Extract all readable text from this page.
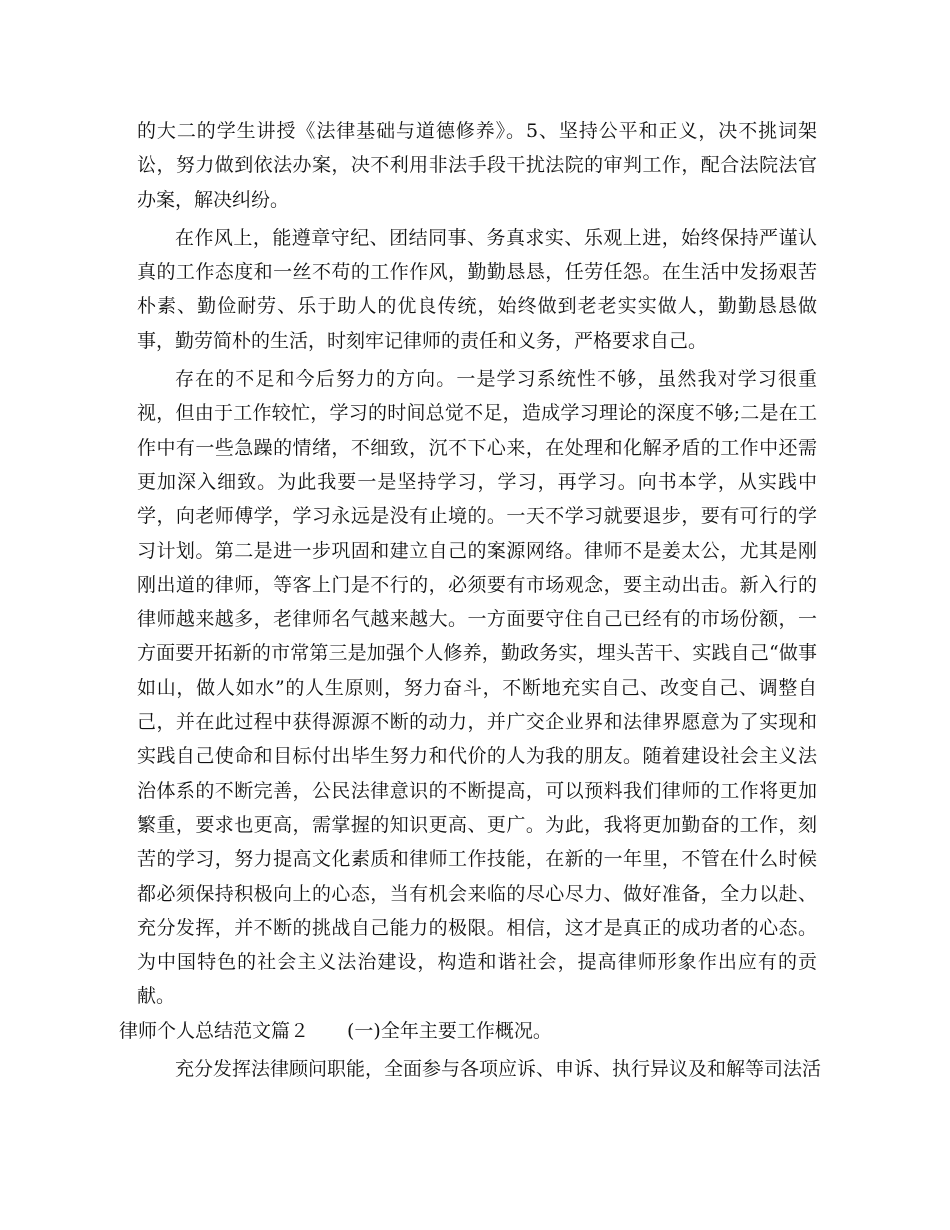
的大二的学生讲授《法律基础与道德修养》。5、坚持公平和正义，决不挑词架讼，努力做到依法办案，决不利用非法手段干扰法院的审判工作，配合法院法官办案，解决纠纷。

在作风上，能遵章守纪、团结同事、务真求实、乐观上进，始终保持严谨认真的工作态度和一丝不苟的工作作风，勤勤恳恳，任劳任怨。在生活中发扬艰苦朴素、勤俭耐劳、乐于助人的优良传统，始终做到老老实实做人，勤勤恳恳做事，勤劳简朴的生活，时刻牢记律师的责任和义务，严格要求自己。

存在的不足和今后努力的方向。一是学习系统性不够，虽然我对学习很重视，但由于工作较忙，学习的时间总觉不足，造成学习理论的深度不够;二是在工作中有一些急躁的情绪，不细致，沉不下心来，在处理和化解矛盾的工作中还需更加深入细致。为此我要一是坚持学习，学习，再学习。向书本学，从实践中学，向老师傅学，学习永远是没有止境的。一天不学习就要退步，要有可行的学习计划。第二是进一步巩固和建立自己的案源网络。律师不是姜太公，尤其是刚刚出道的律师，等客上门是不行的，必须要有市场观念，要主动出击。新入行的律师越来越多，老律师名气越来越大。一方面要守住自己已经有的市场份额，一方面要开拓新的市常第三是加强个人修养，勤政务实，埋头苦干、实践自己“做事如山，做人如水”的人生原则，努力奋斗，不断地充实自己、改变自己、调整自己，并在此过程中获得源源不断的动力，并广交企业界和法律界愿意为了实现和实践自己使命和目标付出毕生努力和代价的人为我的朋友。随着建设社会主义法治体系的不断完善，公民法律意识的不断提高，可以预料我们律师的工作将更加繁重，要求也更高，需掌握的知识更高、更广。为此，我将更加勤奋的工作，刻苦的学习，努力提高文化素质和律师工作技能，在新的一年里，不管在什么时候都必须保持积极向上的心态，当有机会来临的尽心尽力、做好准备，全力以赴、充分发挥，并不断的挑战自己能力的极限。相信，这才是真正的成功者的心态。为中国特色的社会主义法治建设，构造和谐社会，提高律师形象作出应有的贡献。

律师个人总结范文篇２ (一)全年主要工作概况。

充分发挥法律顾问职能，全面参与各项应诉、申诉、执行异议及和解等司法活
